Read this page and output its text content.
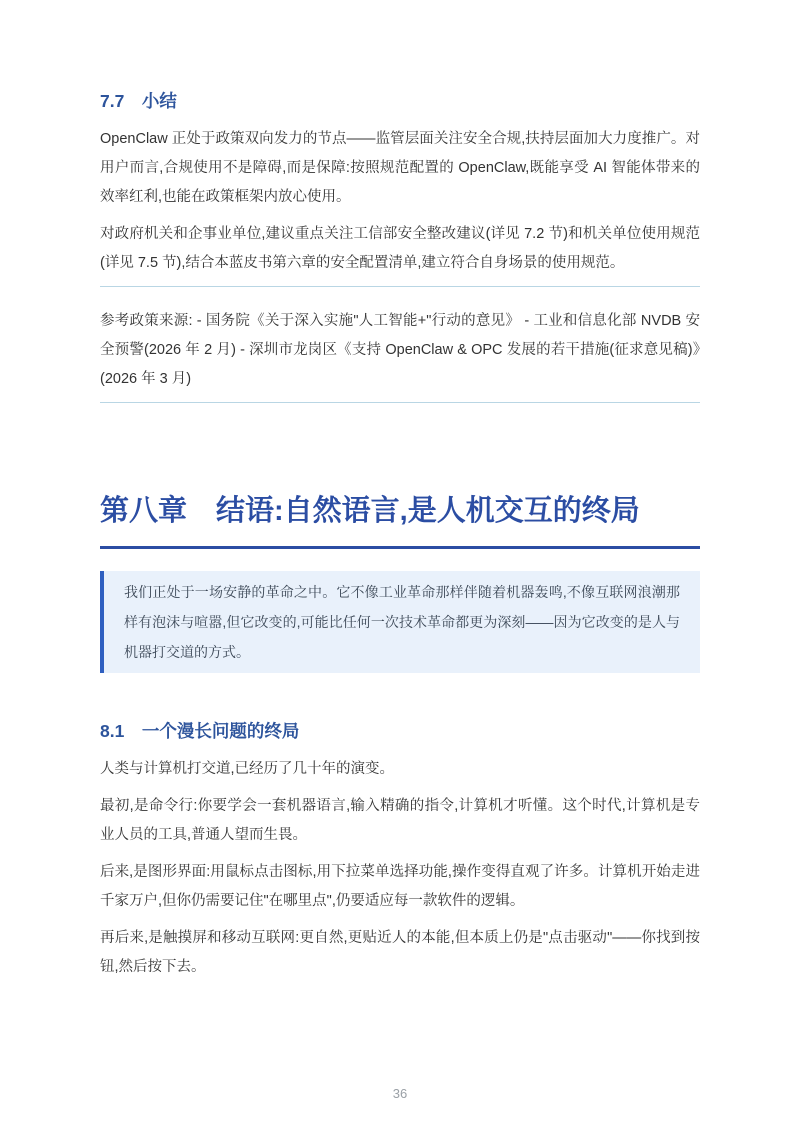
7.7　小结

OpenClaw 正处于政策双向发力的节点——监管层面关注安全合规,扶持层面加大力度推广。对用户而言,合规使用不是障碍,而是保障:按照规范配置的 OpenClaw,既能享受 AI 智能体带来的效率红利,也能在政策框架内放心使用。

对政府机关和企事业单位,建议重点关注工信部安全整改建议(详见 7.2 节)和机关单位使用规范(详见 7.5 节),结合本蓝皮书第六章的安全配置清单,建立符合自身场景的使用规范。

参考政策来源: - 国务院《关于深入实施"人工智能+"行动的意见》 - 工业和信息化部 NVDB 安全预警(2026 年 2 月) - 深圳市龙岗区《支持 OpenClaw & OPC 发展的若干措施(征求意见稿)》(2026 年 3 月)

第八章　结语:自然语言,是人机交互的终局

我们正处于一场安静的革命之中。它不像工业革命那样伴随着机器轰鸣,不像互联网浪潮那样有泡沫与喧嚣,但它改变的,可能比任何一次技术革命都更为深刻——因为它改变的是人与机器打交道的方式。

8.1　一个漫长问题的终局

人类与计算机打交道,已经历了几十年的演变。

最初,是命令行:你要学会一套机器语言,输入精确的指令,计算机才听懂。这个时代,计算机是专业人员的工具,普通人望而生畏。

后来,是图形界面:用鼠标点击图标,用下拉菜单选择功能,操作变得直观了许多。计算机开始走进千家万户,但你仍需要记住"在哪里点",仍要适应每一款软件的逻辑。

再后来,是触摸屏和移动互联网:更自然,更贴近人的本能,但本质上仍是"点击驱动"——你找到按钮,然后按下去。

36
